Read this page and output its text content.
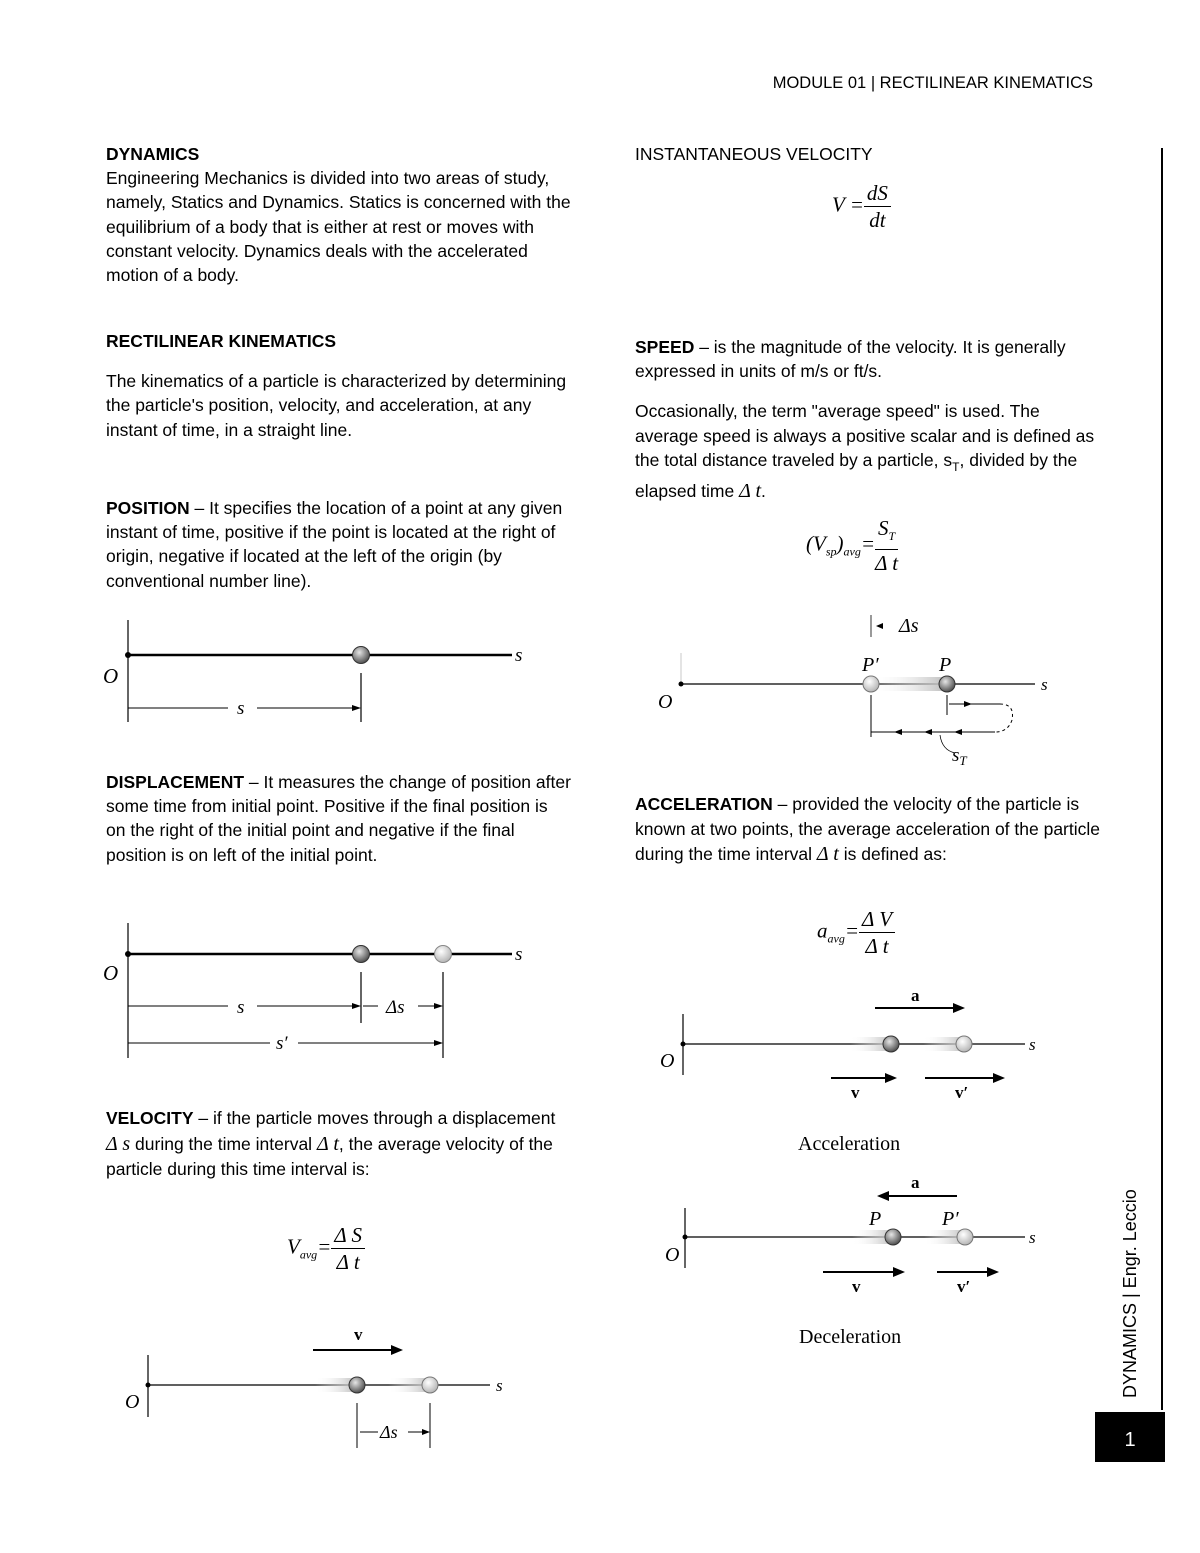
MODULE 01 | RECTILINEAR KINEMATICS

DYNAMICS

Engineering Mechanics is divided into two areas of study, namely, Statics and Dynamics. Statics is concerned with the equilibrium of a body that is either at rest or moves with constant velocity. Dynamics deals with the accelerated motion of a body.

RECTILINEAR KINEMATICS

The kinematics of a particle is characterized by determining the particle's position, velocity, and acceleration, at any instant of time, in a straight line.

POSITION – It specifies the location of a point at any given instant of time, positive if the point is located at the right of origin, negative if located at the left of the origin (by conventional number line).

O
s
s

DISPLACEMENT – It measures the change of position after some time from initial point. Positive if the final position is on the right of the initial point and negative if the final position is on left of the initial point.

O
s
s	Δs
s′

VELOCITY – if the particle moves through a displacement Δ s during the time interval Δ t, the average velocity of the particle during this time interval is:

$V_{avg}= \frac{\text{Δ S}}{\text{Δ t}}$
v
O
s
Δs

INSTANTANEOUS VELOCITY

$V = \frac{dS}{dt}$

SPEED – is the magnitude of the velocity. It is generally expressed in units of m/s or ft/s.

Occasionally, the term "average speed" is used. The average speed is always a positive scalar and is defined as the total distance traveled by a particle, $s_T$, divided by the elapsed time Δ t.

$(V_{sp})_{avg}= \frac{S_T}{\text{Δ t}}$
Δs
P′	P
O
s
$s_T$

ACCELERATION – provided the velocity of the particle is known at two points, the average acceleration of the particle during the time interval Δ t is defined as:

$a_{avg}= \frac{\text{Δ V}}{\text{Δ t}}$
a
O
s
v	v′
Acceleration
a
P	P′
O
s
v	v′
Deceleration	DYNAMICS | Engr. Leccio
1
